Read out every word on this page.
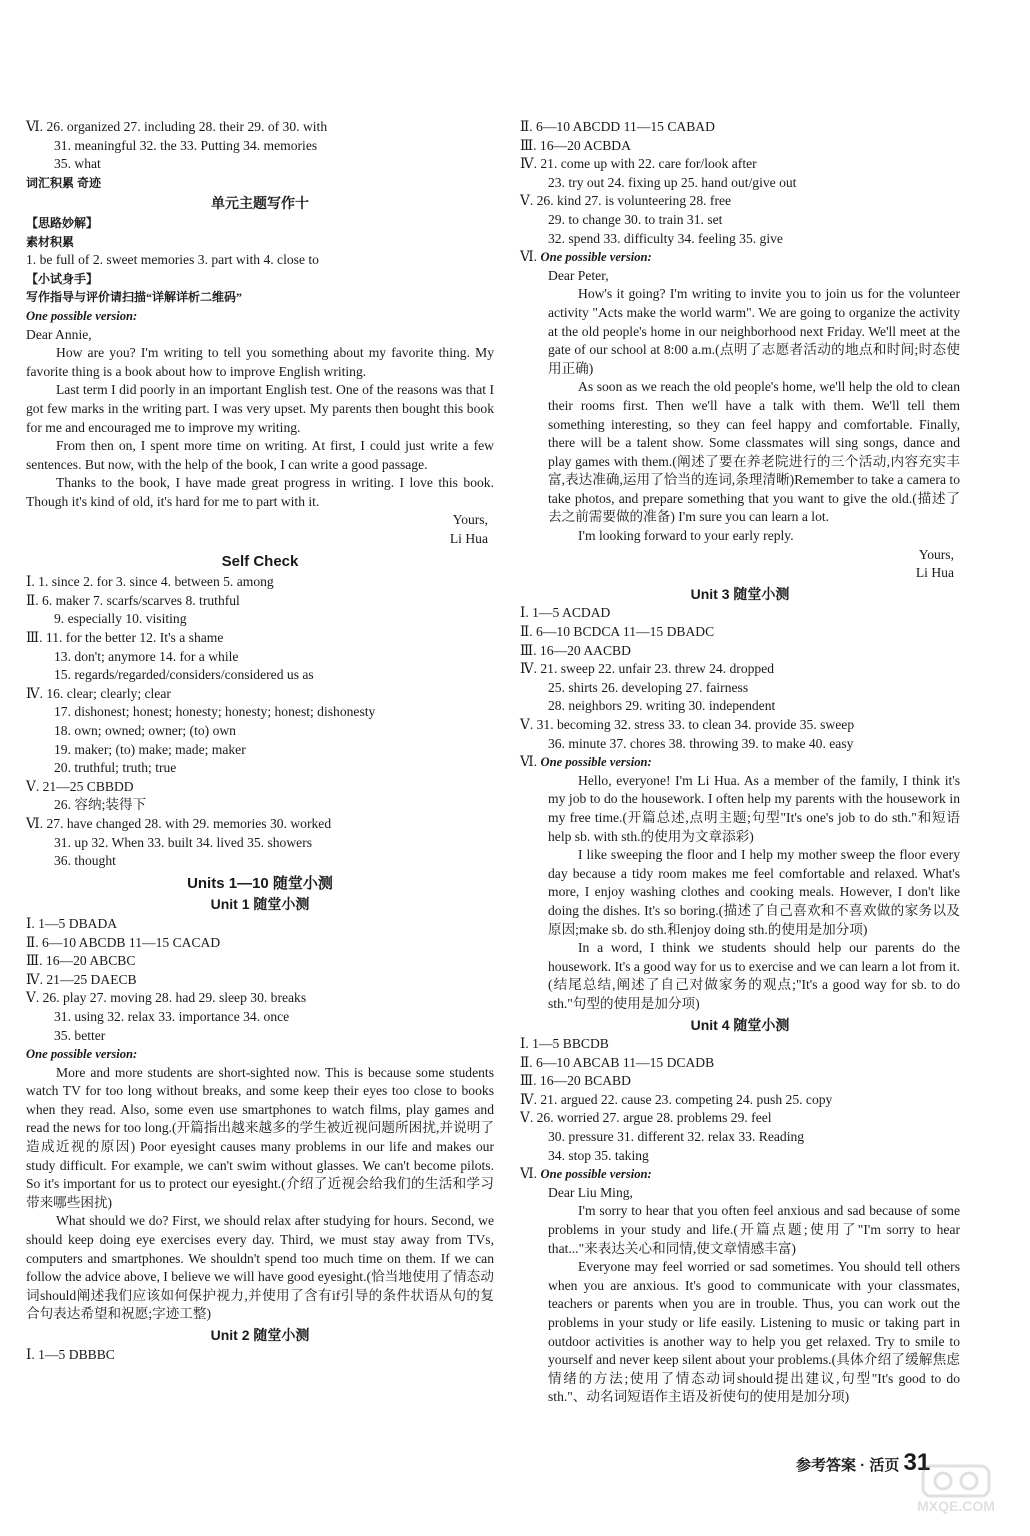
Ⅵ. 26. organized 27. including 28. their 29. of 30. with
31. meaningful 32. the 33. Putting 34. memories
35. what
词汇积累 奇迹
单元主题写作十
【思路妙解】
素材积累
1. be full of 2. sweet memories 3. part with 4. close to
【小试身手】
写作指导与评价请扫描“详解详析二维码”
One possible version:
Dear Annie,

How are you? I'm writing to tell you something about my favorite thing. My favorite thing is a book about how to improve English writing.

Last term I did poorly in an important English test. One of the reasons was that I got few marks in the writing part. I was very upset. My parents then bought this book for me and encouraged me to improve my writing.

From then on, I spent more time on writing. At first, I could just write a few sentences. But now, with the help of the book, I can write a good passage.

Thanks to the book, I have made great progress in writing. I love this book. Though it's kind of old, it's hard for me to part with it.

Yours,
Li Hua
Self Check
Ⅰ. 1. since 2. for 3. since 4. between 5. among
Ⅱ. 6. maker 7. scarfs/scarves 8. truthful
9. especially 10. visiting
Ⅲ. 11. for the better 12. It's a shame
13. don't; anymore 14. for a while
15. regards/regarded/considers/considered us as
Ⅳ. 16. clear; clearly; clear
17. dishonest; honest; honesty; honesty; honest; dishonesty
18. own; owned; owner; (to) own
19. maker; (to) make; made; maker
20. truthful; truth; true
Ⅴ. 21—25 CBBDD
26. 容纳;装得下
Ⅵ. 27. have changed 28. with 29. memories 30. worked
31. up 32. When 33. built 34. lived 35. showers
36. thought
Units 1—10 随堂小测
Unit 1 随堂小测
Ⅰ. 1—5 DBADA
Ⅱ. 6—10 ABCDB 11—15 CACAD
Ⅲ. 16—20 ABCBC
Ⅳ. 21—25 DAECB
Ⅴ. 26. play 27. moving 28. had 29. sleep 30. breaks
31. using 32. relax 33. importance 34. once
35. better
One possible version:

More and more students are short-sighted now. This is because some students watch TV for too long without breaks, and some keep their eyes too close to books when they read. Also, some even use smartphones to watch films, play games and read the news for too long.(开篇指出越来越多的学生被近视问题所困扰,并说明了造成近视的原因) Poor eyesight causes many problems in our life and makes our study difficult. For example, we can't swim without glasses. We can't become pilots. So it's important for us to protect our eyesight.(介绍了近视会给我们的生活和学习带来哪些困扰)

What should we do? First, we should relax after studying for hours. Second, we should keep doing eye exercises every day. Third, we must stay away from TVs, computers and smartphones. We shouldn't spend too much time on them. If we can follow the advice above, I believe we will have good eyesight.(恰当地使用了情态动词should阐述我们应该如何保护视力,并使用了含有if引导的条件状语从句的复合句表达希望和祝愿;字迹工整)

Unit 2 随堂小测
Ⅰ. 1—5 DBBBC
Ⅱ. 6—10 ABCDD 11—15 CABAD
Ⅲ. 16—20 ACBDA
Ⅳ. 21. come up with 22. care for/look after
23. try out 24. fixing up 25. hand out/give out
Ⅴ. 26. kind 27. is volunteering 28. free
29. to change 30. to train 31. set
32. spend 33. difficulty 34. feeling 35. give
Ⅵ. One possible version:
Dear Peter,

How's it going? I'm writing to invite you to join us for the volunteer activity "Acts make the world warm". We are going to organize the activity at the old people's home in our neighborhood next Friday. We'll meet at the gate of our school at 8:00 a.m.(点明了志愿者活动的地点和时间;时态使用正确)

As soon as we reach the old people's home, we'll help the old to clean their rooms first. Then we'll have a talk with them. We'll tell them something interesting, so they can feel happy and comfortable. Finally, there will be a talent show. Some classmates will sing songs, dance and play games with them.(阐述了要在养老院进行的三个活动,内容充实丰富,表达准确,运用了恰当的连词,条理清晰)Remember to take a camera to take photos, and prepare something that you want to give the old.(描述了去之前需要做的准备) I'm sure you can learn a lot.

I'm looking forward to your early reply.

Yours,
Li Hua
Unit 3 随堂小测
Ⅰ. 1—5 ACDAD
Ⅱ. 6—10 BCDCA 11—15 DBADC
Ⅲ. 16—20 AACBD
Ⅳ. 21. sweep 22. unfair 23. threw 24. dropped
25. shirts 26. developing 27. fairness
28. neighbors 29. writing 30. independent
Ⅴ. 31. becoming 32. stress 33. to clean 34. provide 35. sweep
36. minute 37. chores 38. throwing 39. to make 40. easy
Ⅵ. One possible version:

Hello, everyone! I'm Li Hua. As a member of the family, I think it's my job to do the housework. I often help my parents with the housework in my free time.(开篇总述,点明主题;句型"It's one's job to do sth."和短语help sb. with sth.的使用为文章添彩)

I like sweeping the floor and I help my mother sweep the floor every day because a tidy room makes me feel comfortable and relaxed. What's more, I enjoy washing clothes and cooking meals. However, I don't like doing the dishes. It's so boring.(描述了自己喜欢和不喜欢做的家务以及原因;make sb. do sth.和enjoy doing sth.的使用是加分项)

In a word, I think we students should help our parents do the housework. It's a good way for us to exercise and we can learn a lot from it.(结尾总结,阐述了自己对做家务的观点;"It's a good way for sb. to do sth."句型的使用是加分项)

Unit 4 随堂小测
Ⅰ. 1—5 BBCDB
Ⅱ. 6—10 ABCAB 11—15 DCADB
Ⅲ. 16—20 BCABD
Ⅳ. 21. argued 22. cause 23. competing 24. push 25. copy
Ⅴ. 26. worried 27. argue 28. problems 29. feel
30. pressure 31. different 32. relax 33. Reading
34. stop 35. taking
Ⅵ. One possible version:
Dear Liu Ming,

I'm sorry to hear that you often feel anxious and sad because of some problems in your study and life.(开篇点题;使用了"I'm sorry to hear that..."来表达关心和同情,使文章情感丰富)

Everyone may feel worried or sad sometimes. You should tell others when you are anxious. It's good to communicate with your classmates, teachers or parents when you are in trouble. Thus, you can work out the problems in your study or life easily. Listening to music or taking part in outdoor activities is another way to help you get relaxed. Try to smile to yourself and never keep silent about your problems.(具体介绍了缓解焦虑情绪的方法;使用了情态动词should提出建议,句型"It's good to do sth."、动名词短语作主语及祈使句的使用是加分项)

参考答案 · 活页 31
MXQE.COM
